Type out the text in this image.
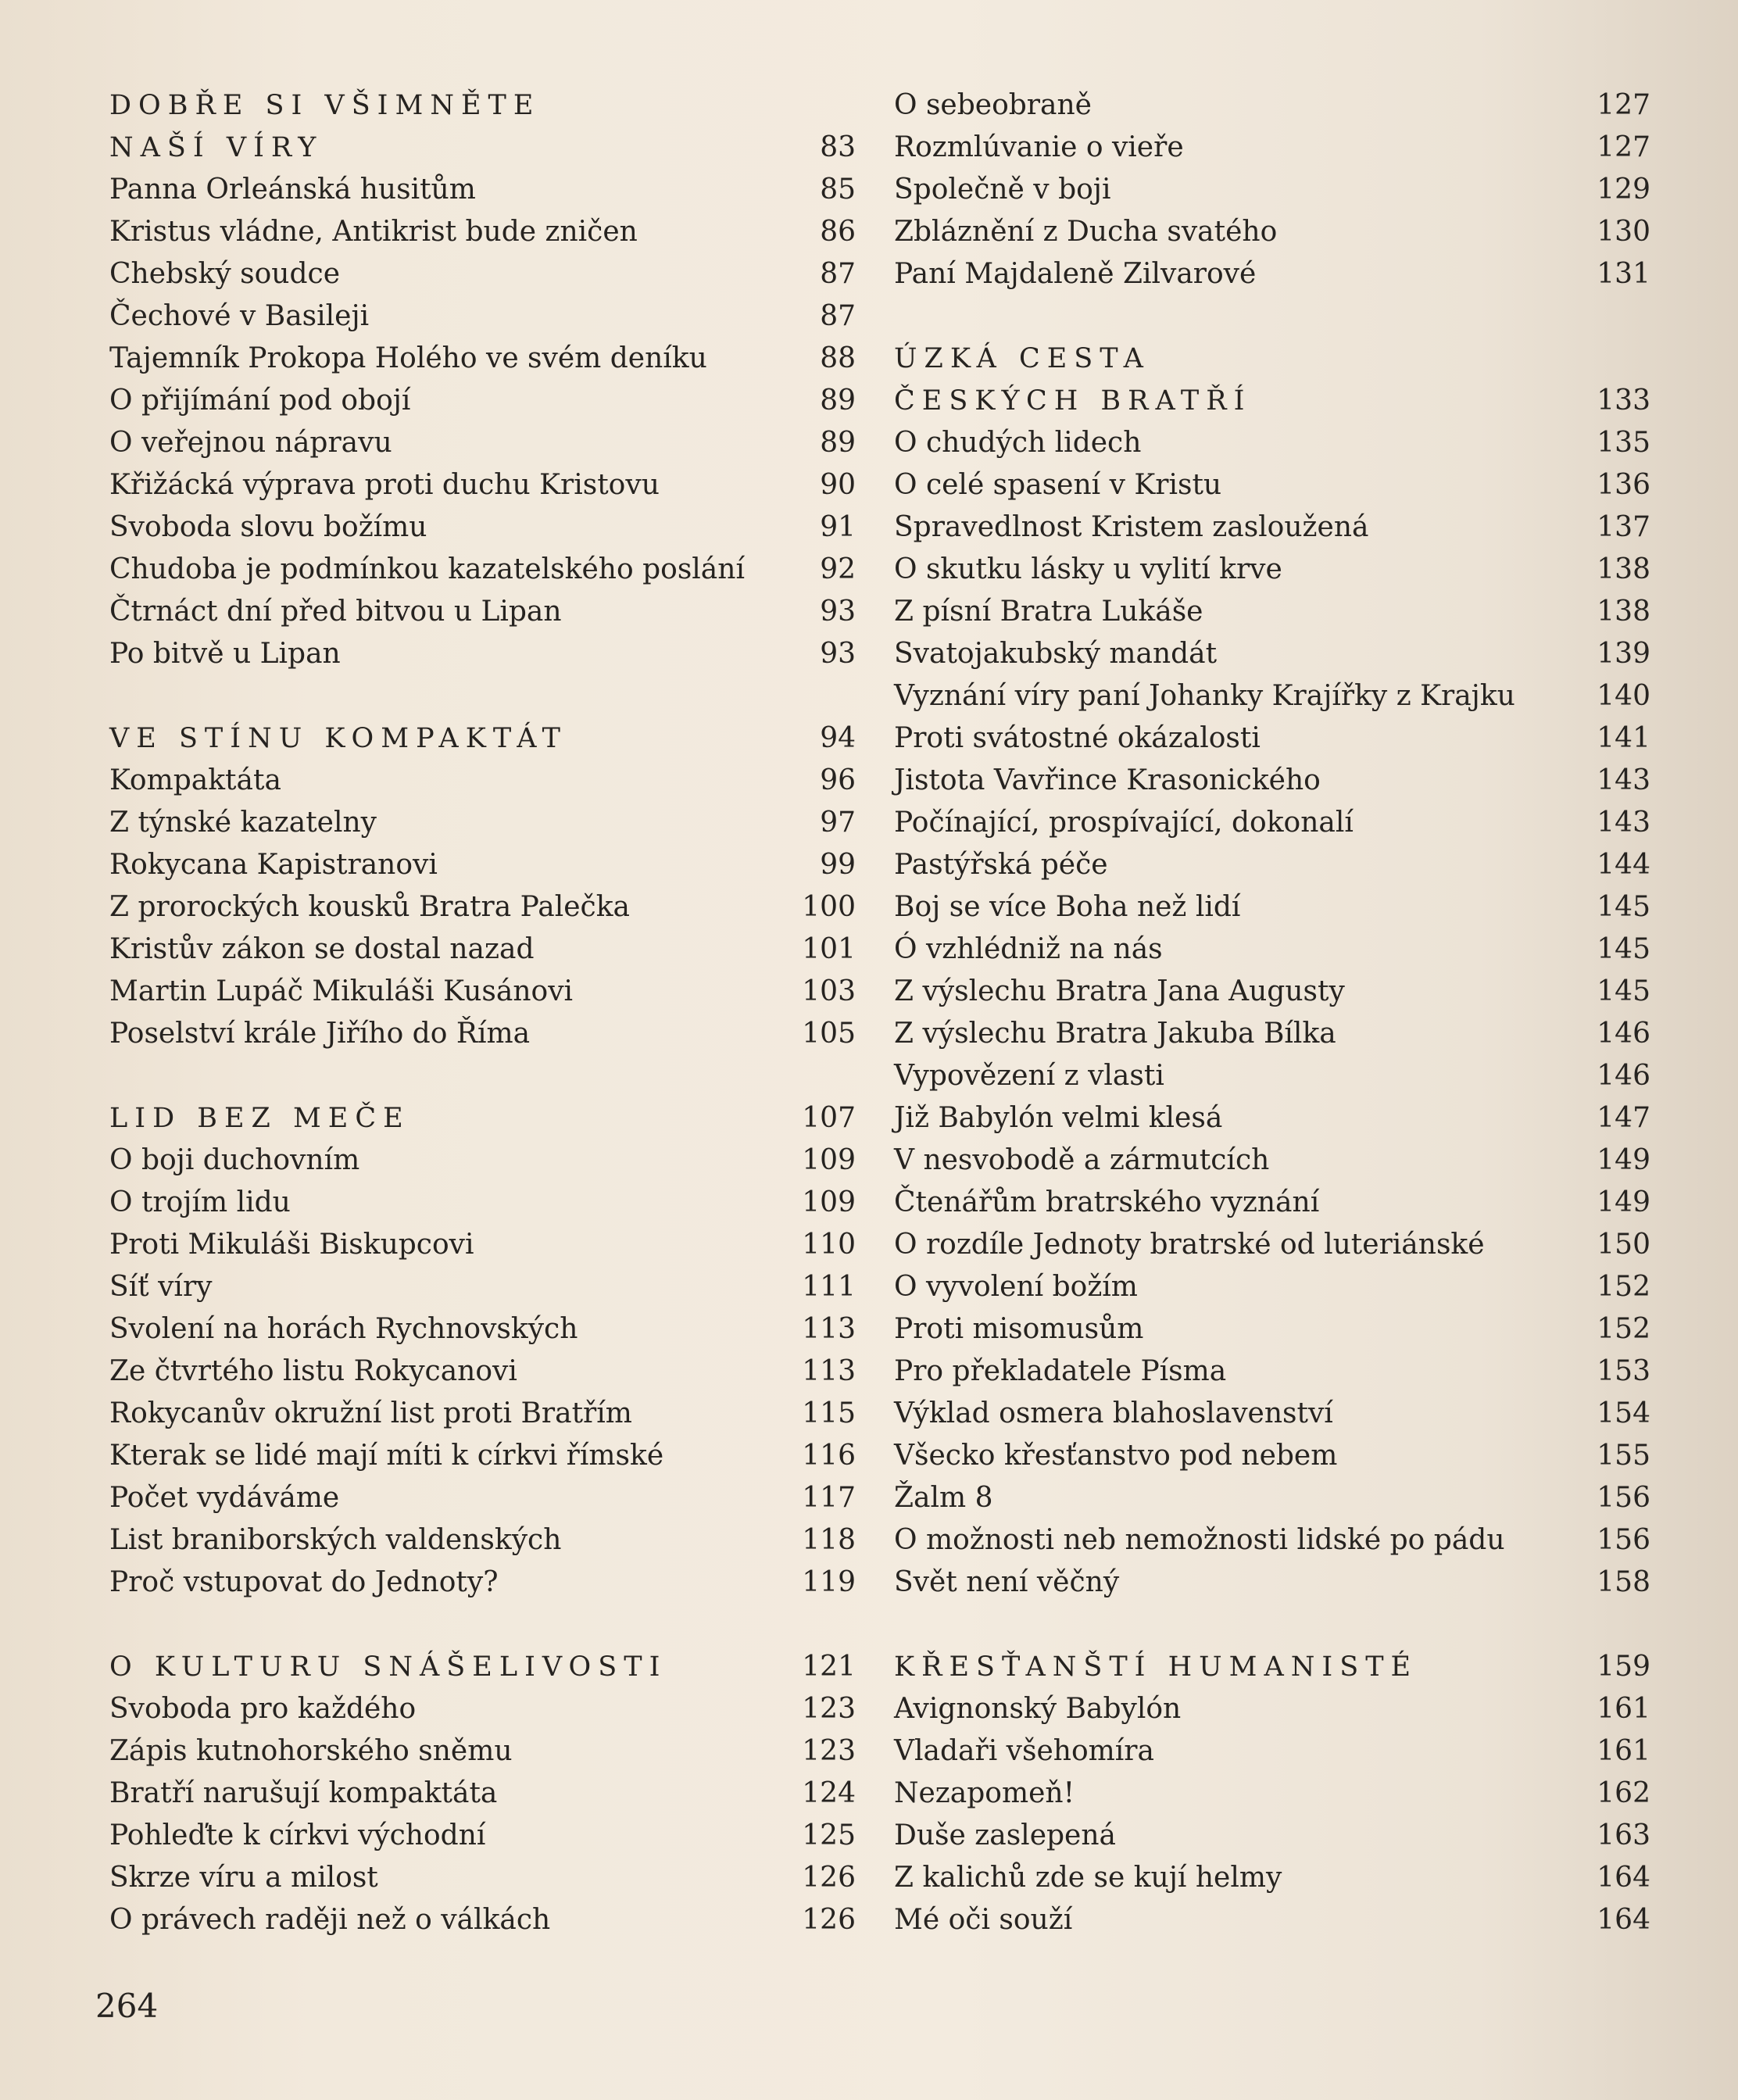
DOBŘE SI VŠIMNĚTE
NAŠÍ VÍRY	83
Panna Orleánská husitům	85
Kristus vládne, Antikrist bude zničen	86
Chebský soudce	87
Čechové v Basileji	87
Tajemník Prokopa Holého ve svém deníku	88
O přijímání pod obojí	89
O veřejnou nápravu	89
Křižácká výprava proti duchu Kristovu	90
Svoboda slovu božímu	91
Chudoba je podmínkou kazatelského poslání	92
Čtrnáct dní před bitvou u Lipan	93
Po bitvě u Lipan	93
VE STÍNU KOMPAKTÁT	94
Kompaktáta	96
Z týnské kazatelny	97
Rokycana Kapistranovi	99
Z prorockých kousků Bratra Palečka	100
Kristův zákon se dostal nazad	101
Martin Lupáč Mikuláši Kusánovi	103
Poselství krále Jiřího do Říma	105
LID BEZ MEČE	107
O boji duchovním	109
O trojím lidu	109
Proti Mikuláši Biskupcovi	110
Síť víry	111
Svolení na horách Rychnovských	113
Ze čtvrtého listu Rokycanovi	113
Rokycanův okružní list proti Bratřím	115
Kterak se lidé mají míti k církvi římské	116
Počet vydáváme	117
List braniborských valdenských	118
Proč vstupovat do Jednoty?	119
O KULTURU SNÁŠELIVOSTI	121
Svoboda pro každého	123
Zápis kutnohorského sněmu	123
Bratří narušují kompaktáta	124
Pohleďte k církvi východní	125
Skrze víru a milost	126
O právech raději než o válkách	126
O sebeobraně	127
Rozmlúvanie o vieře	127
Společně v boji	129
Zbláznění z Ducha svatého	130
Paní Majdaleně Zilvarové	131
ÚZKÁ CESTA
ČESKÝCH BRATŘÍ	133
O chudých lidech	135
O celé spasení v Kristu	136
Spravedlnost Kristem zasloužená	137
O skutku lásky u vylití krve	138
Z písní Bratra Lukáše	138
Svatojakubský mandát	139
Vyznání víry paní Johanky Krajířky z Krajku	140
Proti svátostné okázalosti	141
Jistota Vavřince Krasonického	143
Počínající, prospívající, dokonalí	143
Pastýřská péče	144
Boj se více Boha než lidí	145
Ó vzhlédniž na nás	145
Z výslechu Bratra Jana Augusty	145
Z výslechu Bratra Jakuba Bílka	146
Vypovězení z vlasti	146
Již Babylón velmi klesá	147
V nesvobodě a zármutcích	149
Čtenářům bratrského vyznání	149
O rozdíle Jednoty bratrské od luteriánské	150
O vyvolení božím	152
Proti misomusům	152
Pro překladatele Písma	153
Výklad osmera blahoslavenství	154
Všecko křesťanstvo pod nebem	155
Žalm 8	156
O možnosti neb nemožnosti lidské po pádu	156
Svět není věčný	158
KŘESŤANŠTÍ HUMANISTÉ	159
Avignonský Babylón	161
Vladaři všehomíra	161
Nezapomeň!	162
Duše zaslepená	163
Z kalichů zde se kují helmy	164
Mé oči souží	164
264
